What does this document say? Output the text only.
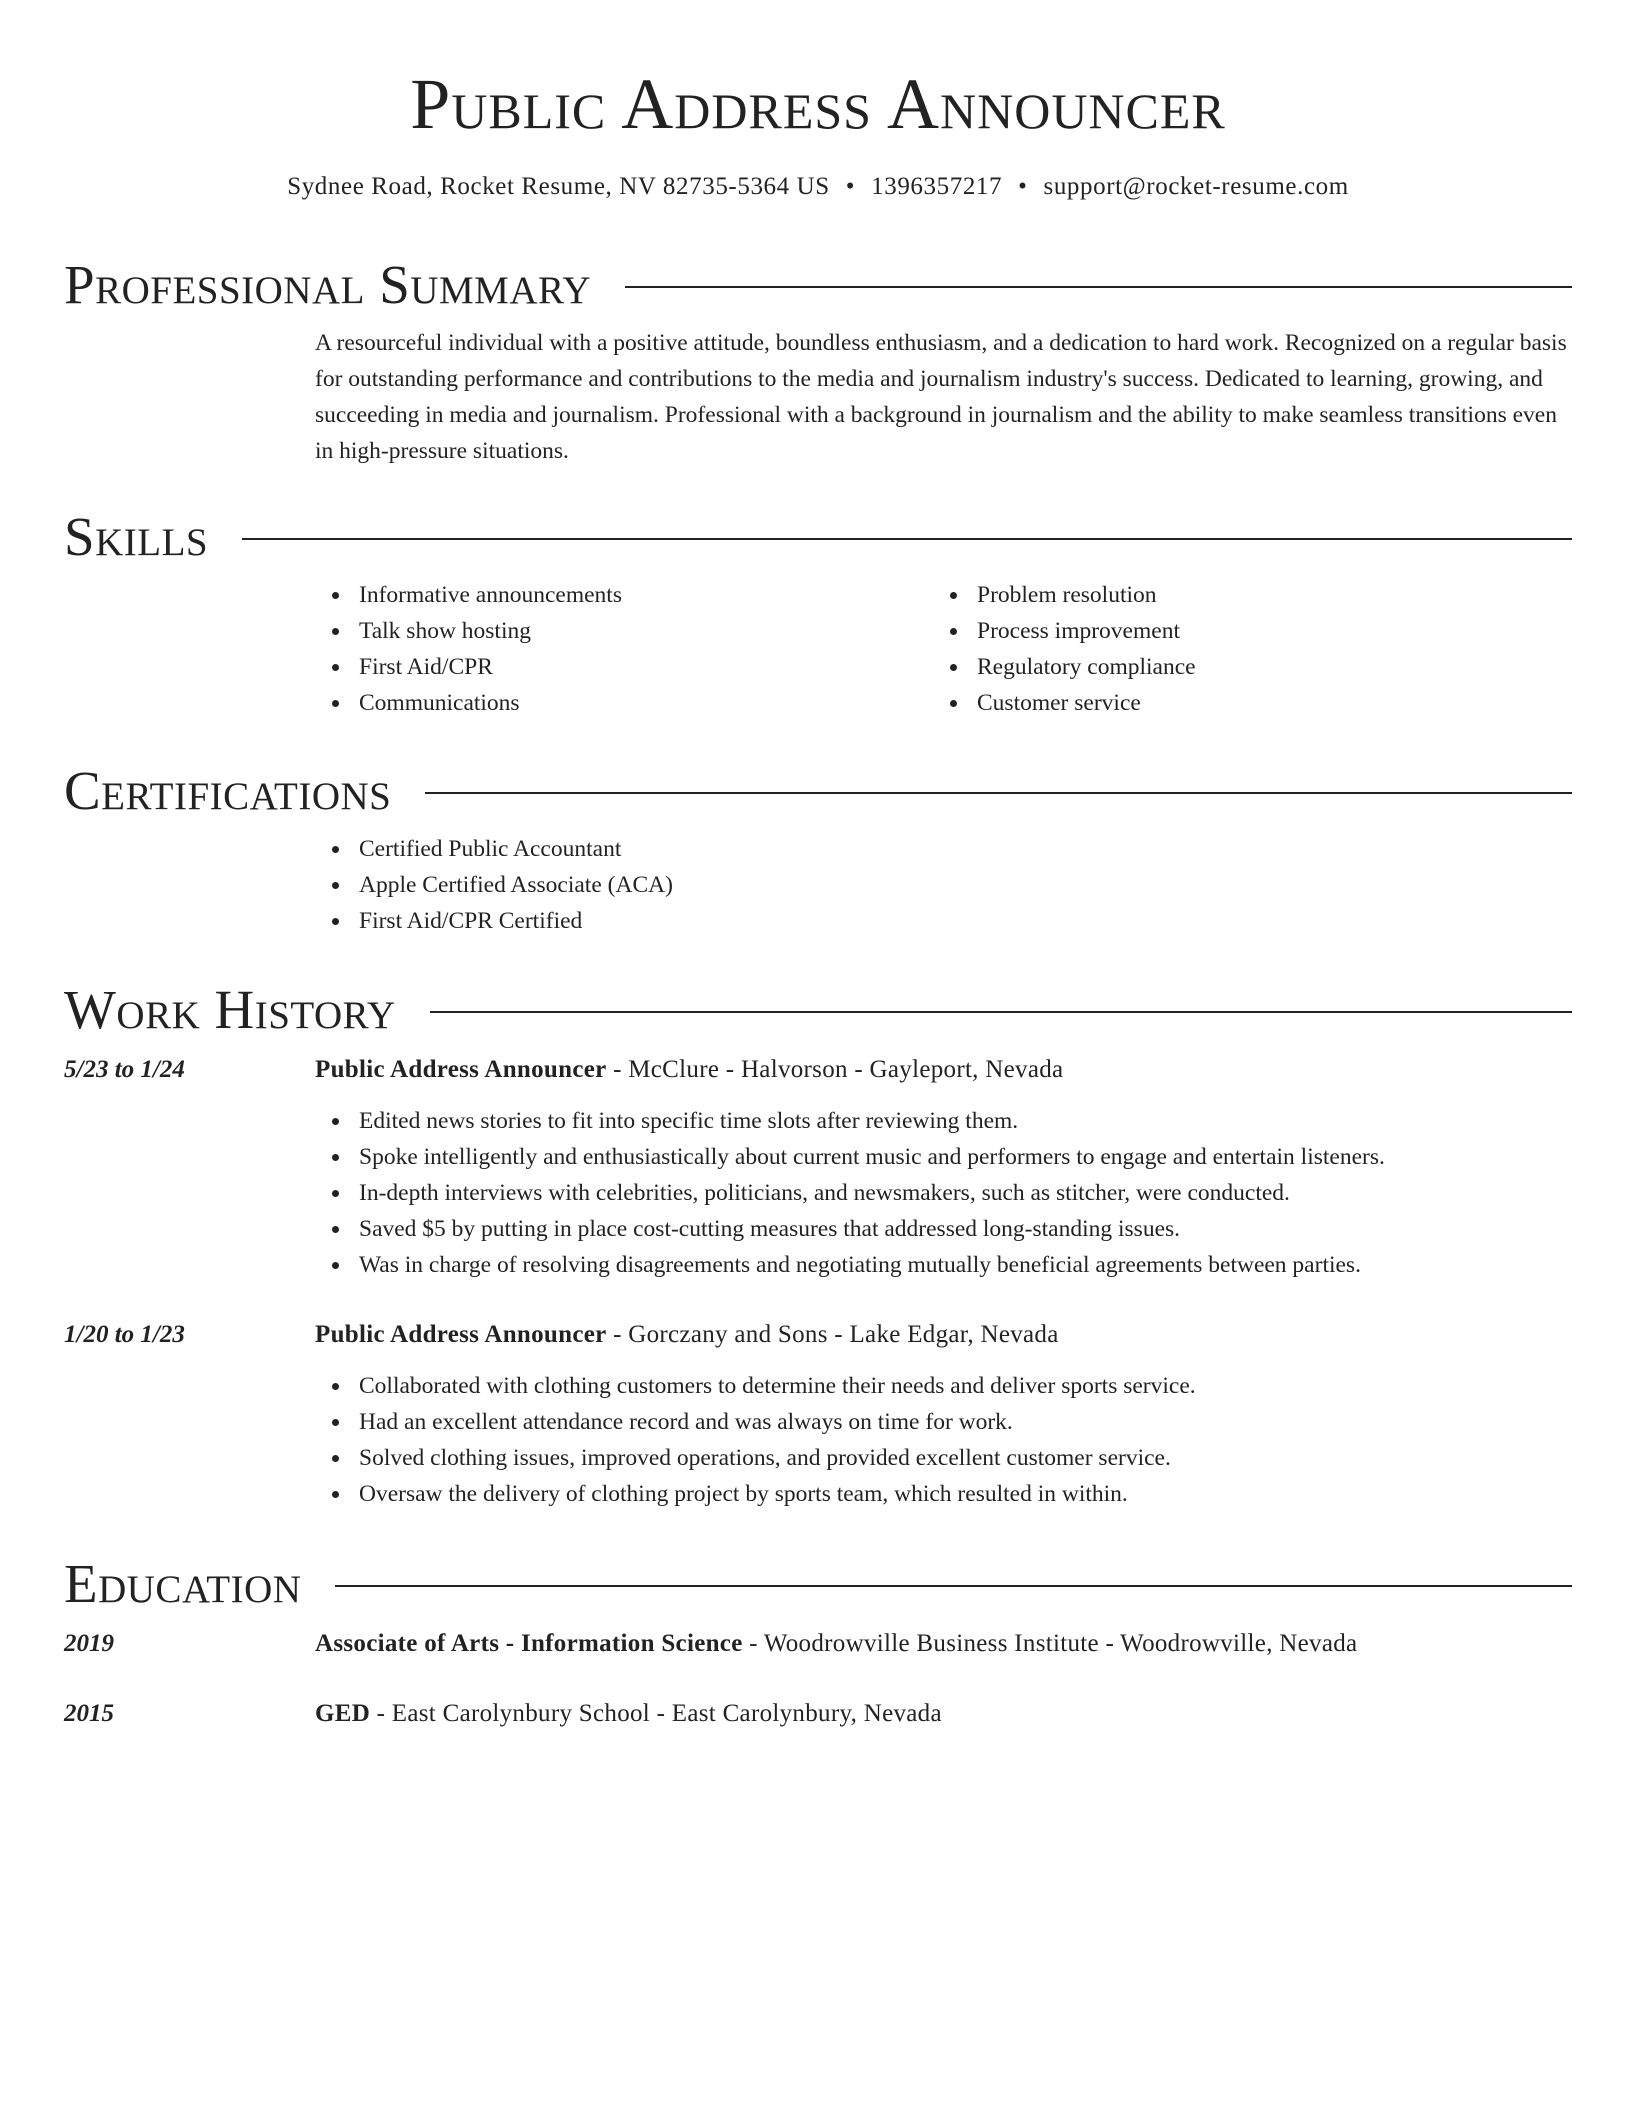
Public Address Announcer
Sydnee Road, Rocket Resume, NV 82735-5364 US • 1396357217 • support@rocket-resume.com
Professional Summary

A resourceful individual with a positive attitude, boundless enthusiasm, and a dedication to hard work. Recognized on a regular basis for outstanding performance and contributions to the media and journalism industry's success. Dedicated to learning, growing, and succeeding in media and journalism. Professional with a background in journalism and the ability to make seamless transitions even in high-pressure situations.

Skills
Informative announcements
Talk show hosting
First Aid/CPR
Communications
Problem resolution
Process improvement
Regulatory compliance
Customer service
Certifications
Certified Public Accountant
Apple Certified Associate (ACA)
First Aid/CPR Certified
Work History
5/23 to 1/24	Public Address Announcer - McClure - Halvorson - Gayleport, Nevada
Edited news stories to fit into specific time slots after reviewing them.
Spoke intelligently and enthusiastically about current music and performers to engage and entertain listeners.
In-depth interviews with celebrities, politicians, and newsmakers, such as stitcher, were conducted.
Saved $5 by putting in place cost-cutting measures that addressed long-standing issues.
Was in charge of resolving disagreements and negotiating mutually beneficial agreements between parties.
1/20 to 1/23	Public Address Announcer - Gorczany and Sons - Lake Edgar, Nevada
Collaborated with clothing customers to determine their needs and deliver sports service.
Had an excellent attendance record and was always on time for work.
Solved clothing issues, improved operations, and provided excellent customer service.
Oversaw the delivery of clothing project by sports team, which resulted in within.
Education
2019	Associate of Arts - Information Science - Woodrowville Business Institute - Woodrowville, Nevada
2015	GED - East Carolynbury School - East Carolynbury, Nevada
